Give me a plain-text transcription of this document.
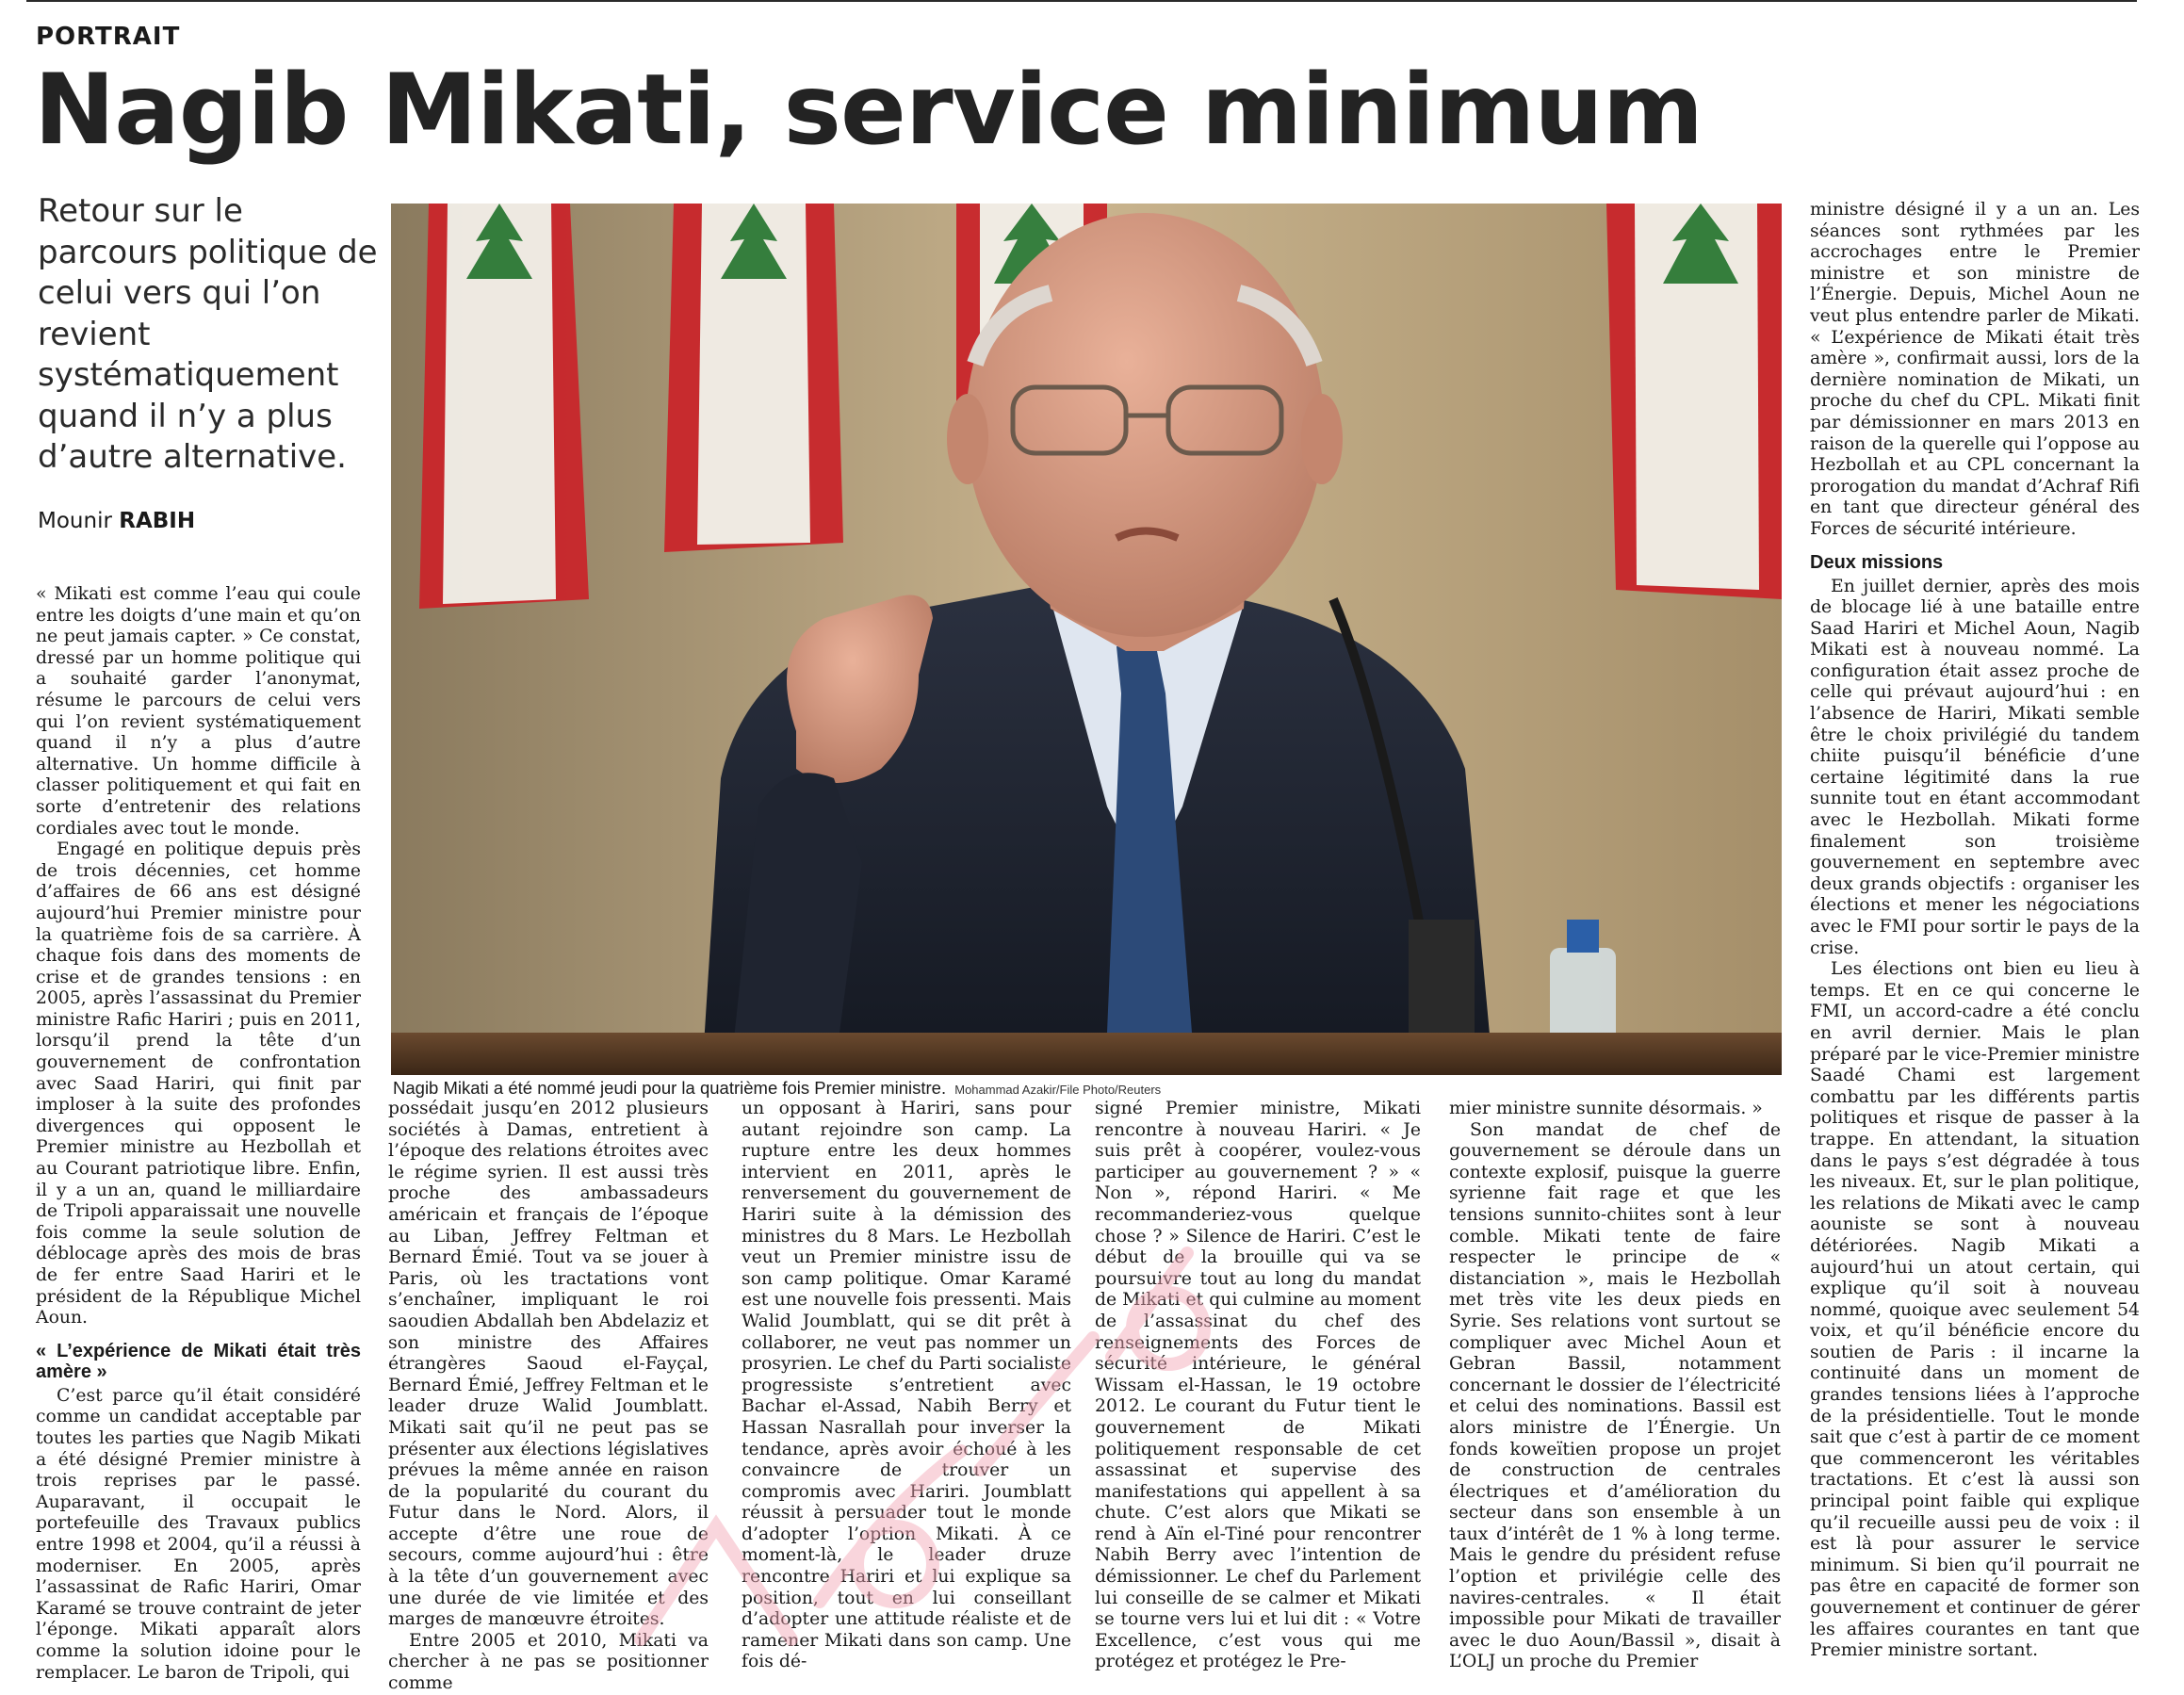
PORTRAIT
Nagib Mikati, service minimum
Retour sur le parcours politique de celui vers qui l’on revient systématiquement quand il n’y a plus d’autre alternative.
Mounir RABIH

« Mikati est comme l’eau qui coule entre les doigts d’une main et qu’on ne peut jamais capter. » Ce constat, dressé par un homme politique qui a souhaité garder l’anonymat, résume le parcours de celui vers qui l’on revient systématiquement quand il n’y a plus d’autre alternative. Un homme difficile à classer politiquement et qui fait en sorte d’entretenir des relations cordiales avec tout le monde.

Engagé en politique depuis près de trois décennies, cet homme d’affaires de 66 ans est désigné aujourd’hui Premier ministre pour la quatrième fois de sa carrière. À chaque fois dans des moments de crise et de grandes tensions : en 2005, après l’assassinat du Premier ministre Rafic Hariri ; puis en 2011, lorsqu’il prend la tête d’un gouvernement de confrontation avec Saad Hariri, qui finit par imploser à la suite des profondes divergences qui opposent le Premier ministre au Hezbollah et au Courant patriotique libre. Enfin, il y a un an, quand le milliardaire de Tripoli apparaissait une nouvelle fois comme la seule solution de déblocage après des mois de bras de fer entre Saad Hariri et le président de la République Michel Aoun.

« L’expérience de Mikati était très amère »

C’est parce qu’il était considéré comme un candidat acceptable par toutes les parties que Nagib Mikati a été désigné Premier ministre à trois reprises par le passé. Auparavant, il occupait le portefeuille des Travaux publics entre 1998 et 2004, qu’il a réussi à moderniser. En 2005, après l’assassinat de Rafic Hariri, Omar Karamé se trouve contraint de jeter l’éponge. Mikati apparaît alors comme la solution idoine pour le remplacer. Le baron de Tripoli, qui

Nagib Mikati a été nommé jeudi pour la quatrième fois Premier ministre. Mohammad Azakir/File Photo/Reuters

possédait jusqu’en 2012 plusieurs sociétés à Damas, entretient à l’époque des relations étroites avec le régime syrien. Il est aussi très proche des ambassadeurs américain et français de l’époque au Liban, Jeffrey Feltman et Bernard Émié. Tout va se jouer à Paris, où les tractations vont s’enchaîner, impliquant le roi saoudien Abdallah ben Abdelaziz et son ministre des Affaires étrangères Saoud el-Fayçal, Bernard Émié, Jeffrey Feltman et le leader druze Walid Joumblatt. Mikati sait qu’il ne peut pas se présenter aux élections législatives prévues la même année en raison de la popularité du courant du Futur dans le Nord. Alors, il accepte d’être une roue de secours, comme aujourd’hui : être à la tête d’un gouvernement avec une durée de vie limitée et des marges de manœuvre étroites.

Entre 2005 et 2010, Mikati va chercher à ne pas se positionner comme

un opposant à Hariri, sans pour autant rejoindre son camp. La rupture entre les deux hommes intervient en 2011, après le renversement du gouvernement de Hariri suite à la démission des ministres du 8 Mars. Le Hezbollah veut un Premier ministre issu de son camp politique. Omar Karamé est une nouvelle fois pressenti. Mais Walid Joumblatt, qui se dit prêt à collaborer, ne veut pas nommer un prosyrien. Le chef du Parti socialiste progressiste s’entretient avec Bachar el-Assad, Nabih Berry et Hassan Nasrallah pour inverser la tendance, après avoir échoué à les convaincre de trouver un compromis avec Hariri. Joumblatt réussit à persuader tout le monde d’adopter l’option Mikati. À ce moment-là, le leader druze rencontre Hariri et lui explique sa position, tout en lui conseillant d’adopter une attitude réaliste et de ramener Mikati dans son camp. Une fois dé-

signé Premier ministre, Mikati rencontre à nouveau Hariri. « Je suis prêt à coopérer, voulez-vous participer au gouvernement ? » « Non », répond Hariri. « Me recommanderiez-vous quelque chose ? » Silence de Hariri. C’est le début de la brouille qui va se poursuivre tout au long du mandat de Mikati et qui culmine au moment de l’assassinat du chef des renseignements des Forces de sécurité intérieure, le général Wissam el-Hassan, le 19 octobre 2012. Le courant du Futur tient le gouvernement de Mikati politiquement responsable de cet assassinat et supervise des manifestations qui appellent à sa chute. C’est alors que Mikati se rend à Aïn el-Tiné pour rencontrer Nabih Berry avec l’intention de démissionner. Le chef du Parlement lui conseille de se calmer et Mikati se tourne vers lui et lui dit : « Votre Excellence, c’est vous qui me protégez et protégez le Pre-

mier ministre sunnite désormais. »

Son mandat de chef de gouvernement se déroule dans un contexte explosif, puisque la guerre syrienne fait rage et que les tensions sunnito-chiites sont à leur comble. Mikati tente de faire respecter le principe de « distanciation », mais le Hezbollah met très vite les deux pieds en Syrie. Ses relations vont surtout se compliquer avec Michel Aoun et Gebran Bassil, notamment concernant le dossier de l’électricité et celui des nominations. Bassil est alors ministre de l’Énergie. Un fonds koweïtien propose un projet de construction de centrales électriques et d’amélioration du secteur dans son ensemble à un taux d’intérêt de 1 % à long terme. Mais le gendre du président refuse l’option et privilégie celle des navires-centrales. « Il était impossible pour Mikati de travailler avec le duo Aoun/Bassil », disait à L’OLJ un proche du Premier

ministre désigné il y a un an. Les séances sont rythmées par les accrochages entre le Premier ministre et son ministre de l’Énergie. Depuis, Michel Aoun ne veut plus entendre parler de Mikati. « L’expérience de Mikati était très amère », confirmait aussi, lors de la dernière nomination de Mikati, un proche du chef du CPL. Mikati finit par démissionner en mars 2013 en raison de la querelle qui l’oppose au Hezbollah et au CPL concernant la prorogation du mandat d’Achraf Rifi en tant que directeur général des Forces de sécurité intérieure.

Deux missions

En juillet dernier, après des mois de blocage lié à une bataille entre Saad Hariri et Michel Aoun, Nagib Mikati est à nouveau nommé. La configuration était assez proche de celle qui prévaut aujourd’hui : en l’absence de Hariri, Mikati semble être le choix privilégié du tandem chiite puisqu’il bénéficie d’une certaine légitimité dans la rue sunnite tout en étant accommodant avec le Hezbollah. Mikati forme finalement son troisième gouvernement en septembre avec deux grands objectifs : organiser les élections et mener les négociations avec le FMI pour sortir le pays de la crise.

Les élections ont bien eu lieu à temps. Et en ce qui concerne le FMI, un accord-cadre a été conclu en avril dernier. Mais le plan préparé par le vice-Premier ministre Saadé Chami est largement combattu par les différents partis politiques et risque de passer à la trappe. En attendant, la situation dans le pays s’est dégradée à tous les niveaux. Et, sur le plan politique, les relations de Mikati avec le camp aouniste se sont à nouveau détériorées. Nagib Mikati a aujourd’hui un atout certain, qui explique qu’il soit à nouveau nommé, quoique avec seulement 54 voix, et qu’il bénéficie encore du soutien de Paris : il incarne la continuité dans un moment de grandes tensions liées à l’approche de la présidentielle. Tout le monde sait que c’est à partir de ce moment que commenceront les véritables tractations. Et c’est là aussi son principal point faible qui explique qu’il recueille aussi peu de voix : il est là pour assurer le service minimum. Si bien qu’il pourrait ne pas être en capacité de former son gouvernement et continuer de gérer les affaires courantes en tant que Premier ministre sortant.
